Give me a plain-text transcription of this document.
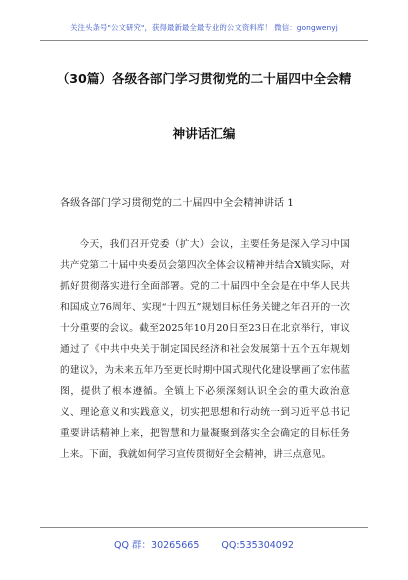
关注头条号"公文研究"，获得最新最全最专业的公文资料库！ 微信：gongwenyj
（30篇）各级各部门学习贯彻党的二十届四中全会精
神讲话汇编
各级各部门学习贯彻党的二十届四中全会精神讲话 1

今天，我们召开党委（扩大）会议，主要任务是深入学习中国共产党第二十届中央委员会第四次全体会议精神并结合X镇实际，对抓好贯彻落实进行全面部署。党的二十届四中全会是在中华人民共和国成立76周年、实现“十四五”规划目标任务关键之年召开的一次十分重要的会议。截至2025年10月20日至23日在北京举行，审议通过了《中共中央关于制定国民经济和社会发展第十五个五年规划的建议》，为未来五年乃至更长时期中国式现代化建设擘画了宏伟蓝图，提供了根本遵循。全镇上下必须深刻认识全会的重大政治意义、理论意义和实践意义，切实把思想和行动统一到习近平总书记重要讲话精神上来，把智慧和力量凝聚到落实全会确定的目标任务上来。下面，我就如何学习宣传贯彻好全会精神，讲三点意见。

QQ 群：30265665 QQ:535304092
